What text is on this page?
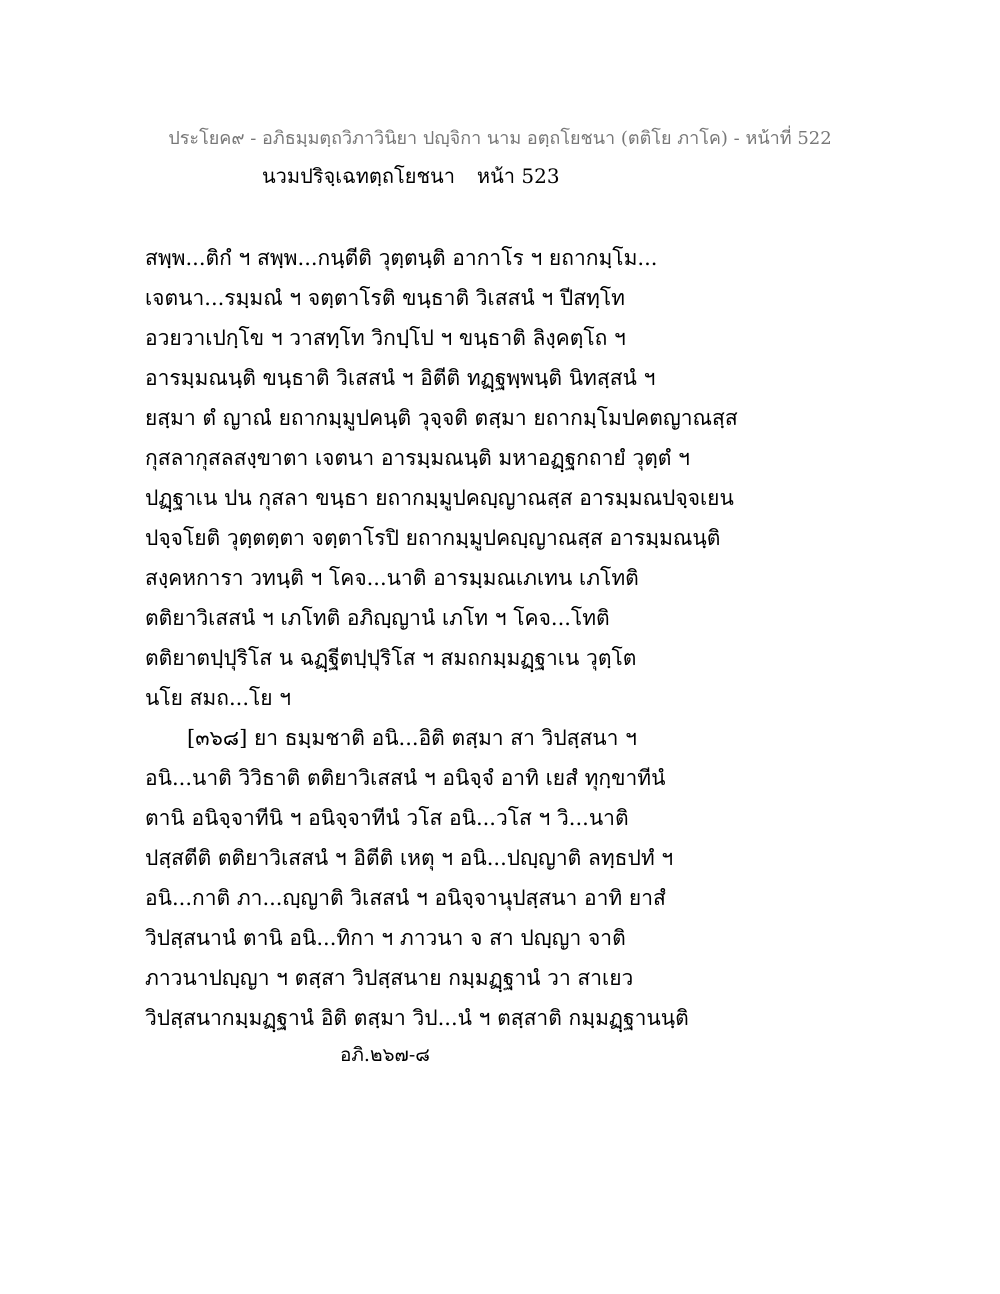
ประโยค๙ - อภิธมฺมตฺถวิภาวินิยา ปญฺจิกา นาม อตฺถโยชนา (ตติโย ภาโค) - หน้าที่ 522
นวมปริจฺเฉทตฺถโยชนา หน้า 523
สพฺพ...ติกํ ฯ สพฺพ...กนฺตีติ วุตฺตนฺติ อากาโร ฯ ยถากมฺโม...
เจตนา...รมฺมณํ ฯ จตฺตาโรติ ขนฺธาติ วิเสสนํ ฯ ปีสทฺโท
อวยวาเปกฺโข ฯ วาสทฺโท วิกปฺโป ฯ ขนฺธาติ ลิงฺคตฺโถ ฯ
อารมฺมณนฺติ ขนฺธาติ วิเสสนํ ฯ อิตีติ ทฏฺฐพฺพนฺติ นิทสฺสนํ ฯ
ยสฺมา ตํ ญาณํ ยถากมฺมูปคนฺติ วุจฺจติ ตสฺมา ยถากมฺโมปคตญาณสฺส
กุสลากุสลสงฺขาตา เจตนา อารมฺมณนฺติ มหาอฏฺฐกถายํ วุตฺตํ ฯ
ปฏฺฐาเน ปน กุสลา ขนฺธา ยถากมฺมูปคญฺญาณสฺส อารมฺมณปจฺจเยน
ปจฺจโยติ วุตฺตตฺตา จตฺตาโรปิ ยถากมฺมูปคญฺญาณสฺส อารมฺมณนฺติ
สงฺคหการา วทนฺติ ฯ โคจ...นาติ อารมฺมณเภเทน เภโทติ
ตติยาวิเสสนํ ฯ เภโทติ อภิญฺญานํ เภโท ฯ โคจ...โทติ
ตติยาตปฺปุริโส น ฉฏฺฐีตปฺปุริโส ฯ สมถกมฺมฏฺฐาเน วุตฺโต
นโย สมถ...โย ฯ
[๓๖๘] ยา ธมฺมชาติ อนิ...อิติ ตสฺมา สา วิปสฺสนา ฯ
อนิ...นาติ วิวิธาติ ตติยาวิเสสนํ ฯ อนิจฺจํ อาทิ เยสํ ทุกฺขาทีนํ
ตานิ อนิจฺจาทีนิ ฯ อนิจฺจาทีนํ วโส อนิ...วโส ฯ วิ...นาติ
ปสฺสตีติ ตติยาวิเสสนํ ฯ อิตีติ เหตุ ฯ อนิ...ปญฺญาติ ลทฺธปทํ ฯ
อนิ...กาติ ภา...ญฺญาติ วิเสสนํ ฯ อนิจฺจานุปสฺสนา อาทิ ยาสํ
วิปสฺสนานํ ตานิ อนิ...ทิกา ฯ ภาวนา จ สา ปญฺญา จาติ
ภาวนาปญฺญา ฯ ตสฺสา วิปสฺสนาย กมฺมฏฺฐานํ วา สาเยว
วิปสฺสนากมฺมฏฺฐานํ อิติ ตสฺมา วิป...นํ ฯ ตสฺสาติ กมฺมฏฺฐานนฺติ
อภิ.๒๖๗-๘
